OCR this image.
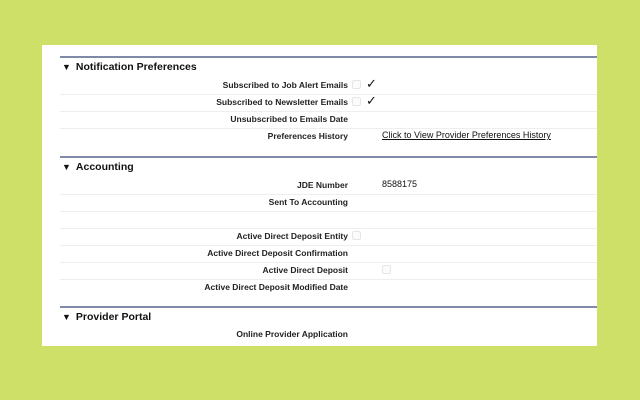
▼ Notification Preferences
Subscribed to Job Alert Emails ✓
Subscribed to Newsletter Emails ✓
Unsubscribed to Emails Date
Preferences History	Click to View Provider Preferences History
▼ Accounting
JDE Number	8588175
Sent To Accounting
Active Direct Deposit Entity
Active Direct Deposit Confirmation
Active Direct Deposit
Active Direct Deposit Modified Date
▼ Provider Portal
Online Provider Application
